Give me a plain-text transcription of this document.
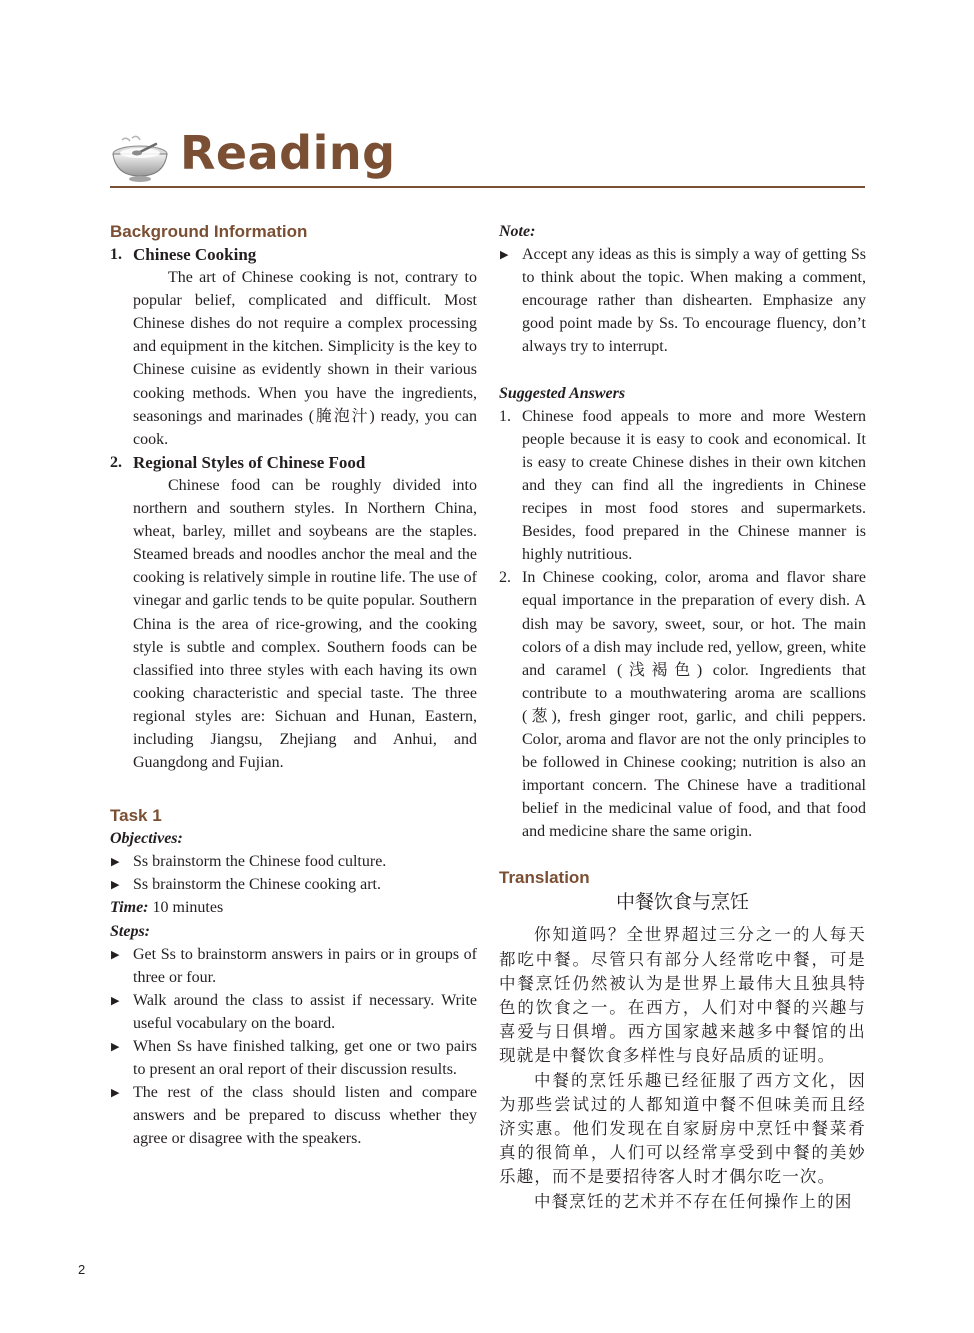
Reading
Background Information
1. Chinese Cooking

The art of Chinese cooking is not, contrary to popular belief, complicated and difficult. Most Chinese dishes do not require a complex processing and equipment in the kitchen. Simplicity is the key to Chinese cuisine as evidently shown in their various cooking methods. When you have the ingredients, seasonings and marinades (腌泡汁) ready, you can cook.

2. Regional Styles of Chinese Food

Chinese food can be roughly divided into northern and southern styles. In Northern China, wheat, barley, millet and soybeans are the staples. Steamed breads and noodles anchor the meal and the cooking is relatively simple in routine life. The use of vinegar and garlic tends to be quite popular. Southern China is the area of rice-growing, and the cooking style is subtle and complex. Southern foods can be classified into three styles with each having its own cooking characteristic and special taste. The three regional styles are: Sichuan and Hunan, Eastern, including Jiangsu, Zhejiang and Anhui, and Guangdong and Fujian.

Task 1

Objectives:

▶ Ss brainstorm the Chinese food culture.
▶ Ss brainstorm the Chinese cooking art.

Time: 10 minutes

Steps:

▶ Get Ss to brainstorm answers in pairs or in groups of three or four.
▶ Walk around the class to assist if necessary. Write useful vocabulary on the board.
▶ When Ss have finished talking, get one or two pairs to present an oral report of their discussion results.
▶ The rest of the class should listen and compare answers and be prepared to discuss whether they agree or disagree with the speakers.

Note:

▶ Accept any ideas as this is simply a way of getting Ss to think about the topic. When making a comment, encourage rather than dishearten. Emphasize any good point made by Ss. To encourage fluency, don’t always try to interrupt.

Suggested Answers

1. Chinese food appeals to more and more Western people because it is easy to cook and economical. It is easy to create Chinese dishes in their own kitchen and they can find all the ingredients in Chinese recipes in most food stores and supermarkets. Besides, food prepared in the Chinese manner is highly nutritious.

2. In Chinese cooking, color, aroma and flavor share equal importance in the preparation of every dish. A dish may be savory, sweet, sour, or hot. The main colors of a dish may include red, yellow, green, white and caramel (浅褐色) color. Ingredients that contribute to a mouthwatering aroma are scallions (葱), fresh ginger root, garlic, and chili peppers. Color, aroma and flavor are not the only principles to be followed in Chinese cooking; nutrition is also an important concern. The Chinese have a traditional belief in the medicinal value of food, and that food and medicine share the same origin.

Translation

中餐饮食与烹饪

你知道吗？全世界超过三分之一的人每天都吃中餐。尽管只有部分人经常吃中餐，可是中餐烹饪仍然被认为是世界上最伟大且独具特色的饮食之一。在西方，人们对中餐的兴趣与喜爱与日俱增。西方国家越来越多中餐馆的出现就是中餐饮食多样性与良好品质的证明。

中餐的烹饪乐趣已经征服了西方文化，因为那些尝试过的人都知道中餐不但味美而且经济实惠。他们发现在自家厨房中烹饪中餐菜肴真的很简单，人们可以经常享受到中餐的美妙乐趣，而不是要招待客人时才偶尔吃一次。

中餐烹饪的艺术并不存在任何操作上的困

2
